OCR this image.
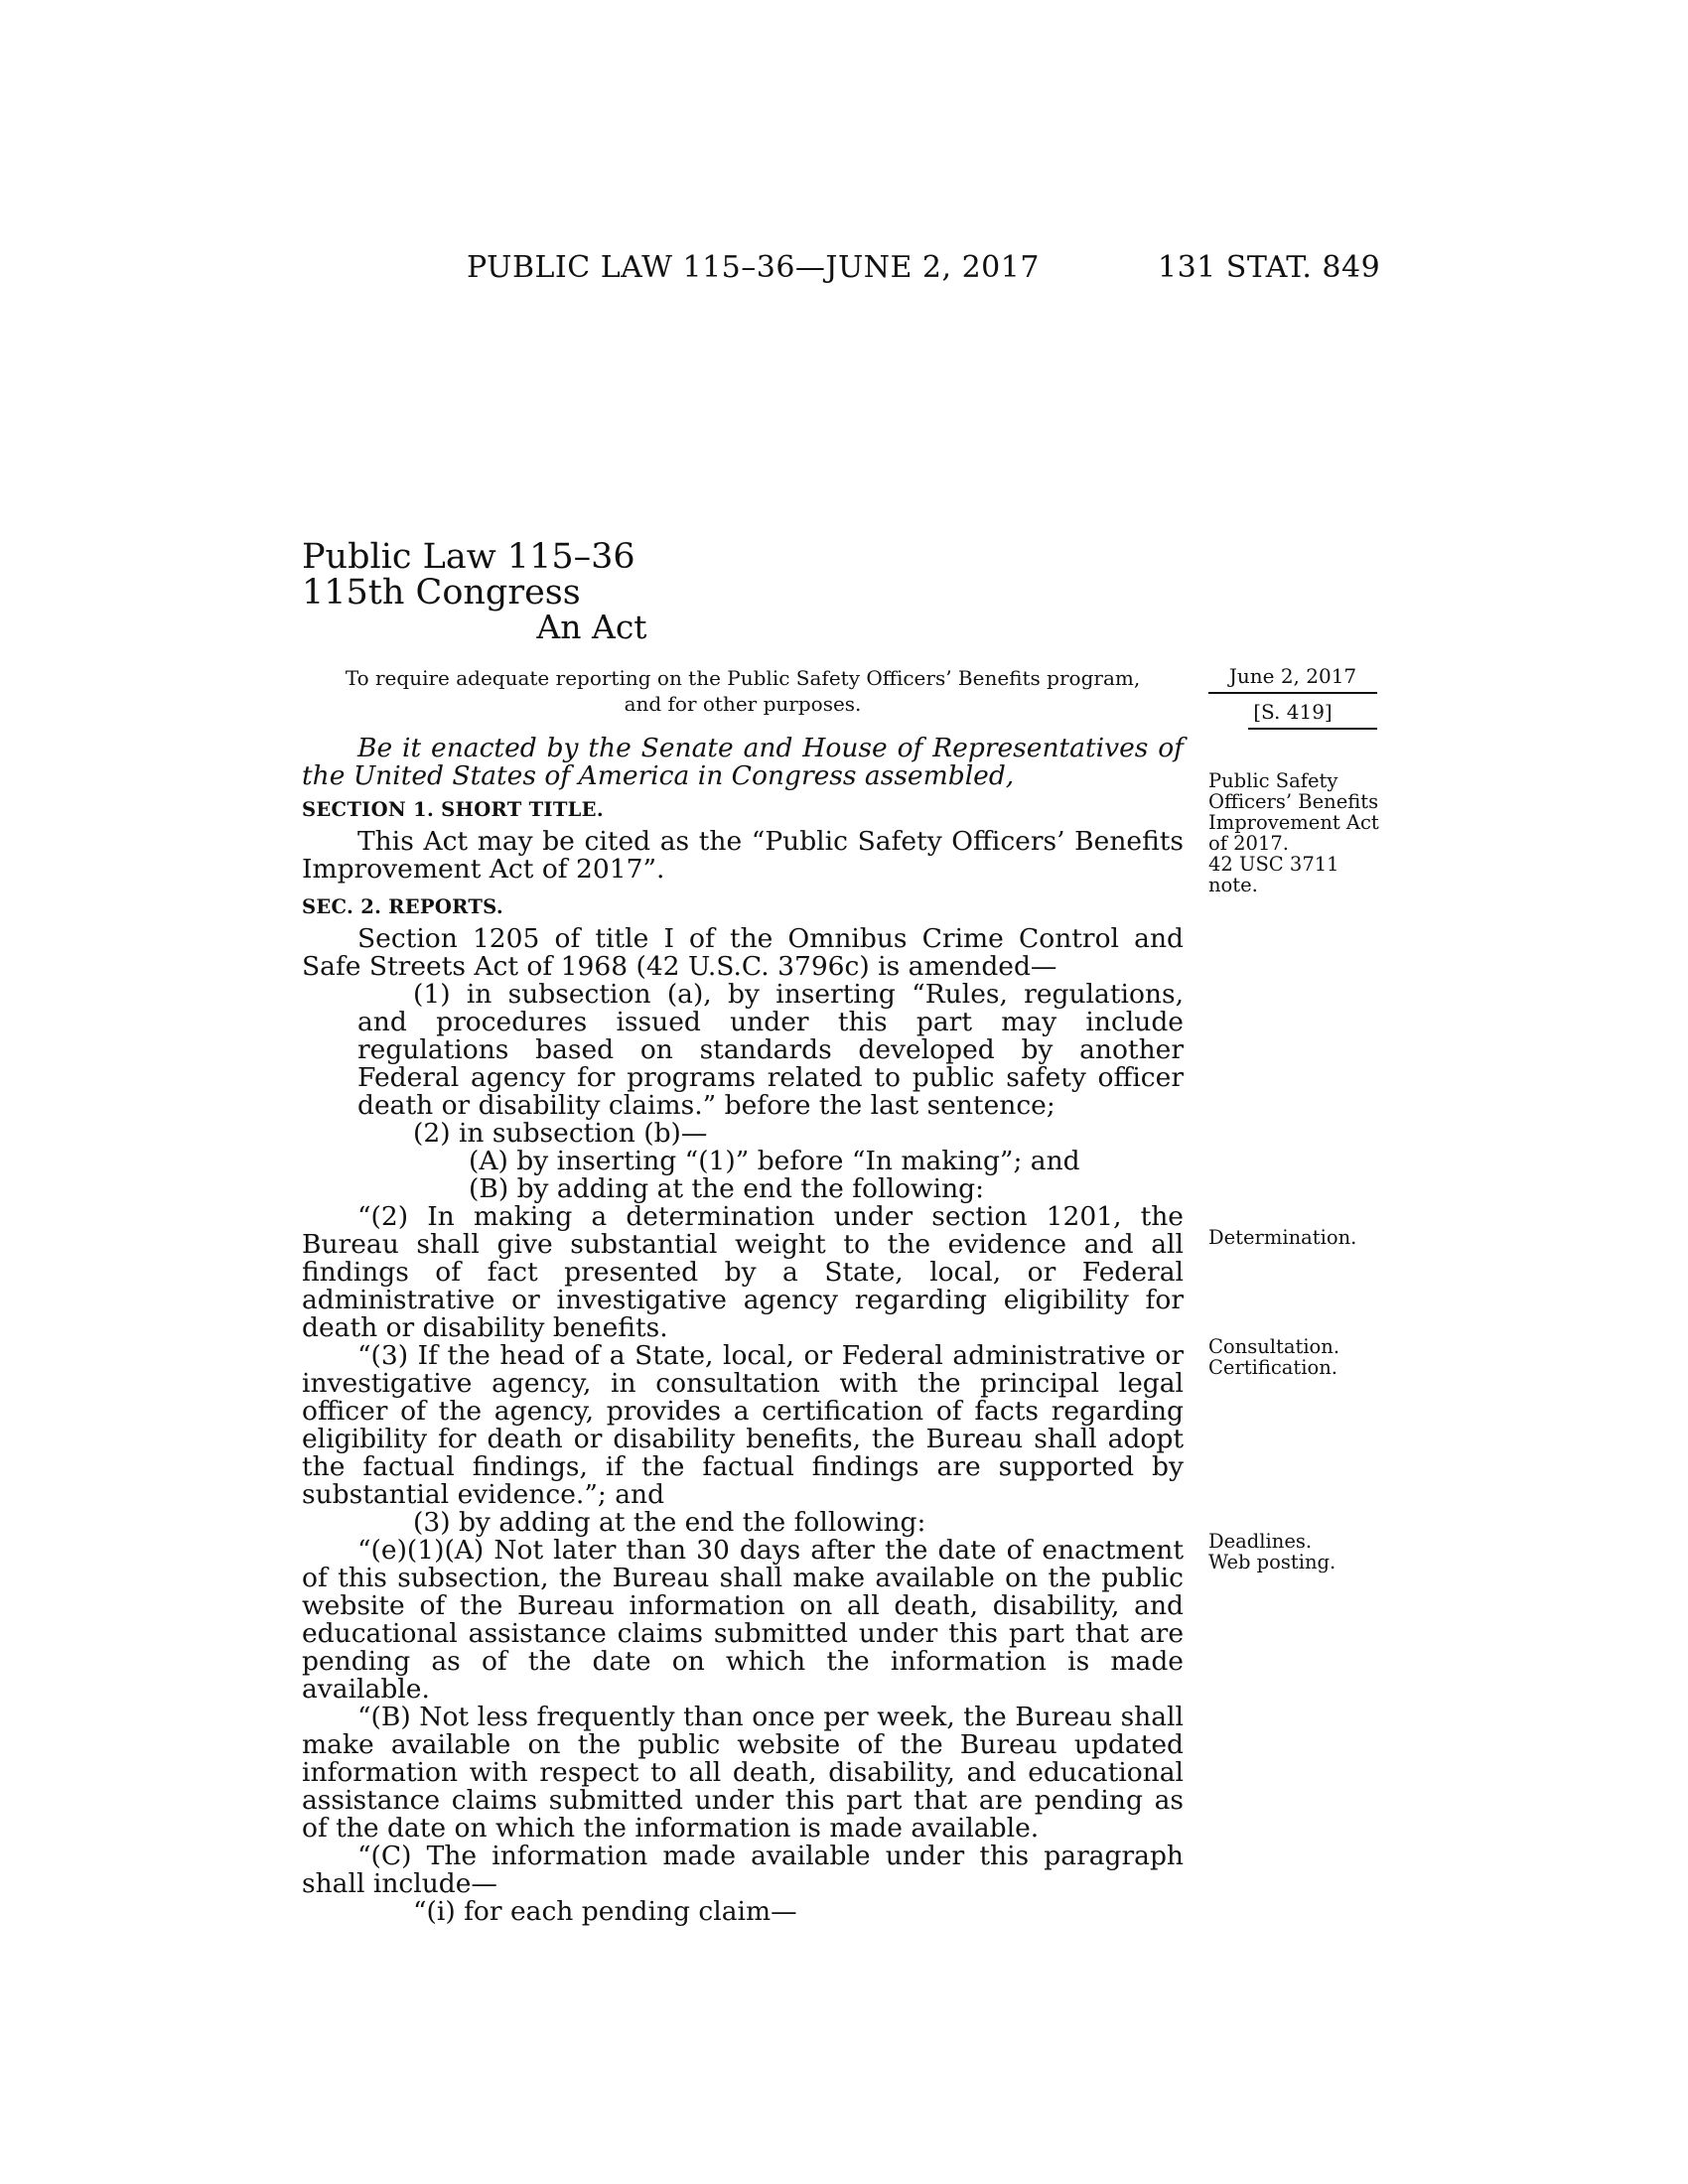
PUBLIC LAW 115–36—JUNE 2, 2017	131 STAT. 849
Public Law 115–36
115th Congress
An Act
To require adequate reporting on the Public Safety Officers’ Benefits program,
and for other purposes.
June 2, 2017
[S. 419]

Be it enacted by the Senate and House of Representatives of the United States of America in Congress assembled,

SECTION 1. SHORT TITLE.

This Act may be cited as the “Public Safety Officers’ Benefits Improvement Act of 2017”.

SEC. 2. REPORTS.

Section 1205 of title I of the Omnibus Crime Control and Safe Streets Act of 1968 (42 U.S.C. 3796c) is amended—

(1) in subsection (a), by inserting “Rules, regulations, and procedures issued under this part may include regulations based on standards developed by another Federal agency for programs related to public safety officer death or disability claims.” before the last sentence;

(2) in subsection (b)—

(A) by inserting “(1)” before “In making”; and

(B) by adding at the end the following:

“(2) In making a determination under section 1201, the Bureau shall give substantial weight to the evidence and all findings of fact presented by a State, local, or Federal administrative or investigative agency regarding eligibility for death or disability benefits.

“(3) If the head of a State, local, or Federal administrative or investigative agency, in consultation with the principal legal officer of the agency, provides a certification of facts regarding eligibility for death or disability benefits, the Bureau shall adopt the factual findings, if the factual findings are supported by substantial evidence.”; and

(3) by adding at the end the following:

“(e)(1)(A) Not later than 30 days after the date of enactment of this subsection, the Bureau shall make available on the public website of the Bureau information on all death, disability, and educational assistance claims submitted under this part that are pending as of the date on which the information is made available.

“(B) Not less frequently than once per week, the Bureau shall make available on the public website of the Bureau updated information with respect to all death, disability, and educational assistance claims submitted under this part that are pending as of the date on which the information is made available.

“(C) The information made available under this paragraph shall include—

“(i) for each pending claim—

Public Safety
Officers’ Benefits
Improvement Act
of 2017.
42 USC 3711
note.
Determination.
Consultation.
Certification.
Deadlines.
Web posting.
